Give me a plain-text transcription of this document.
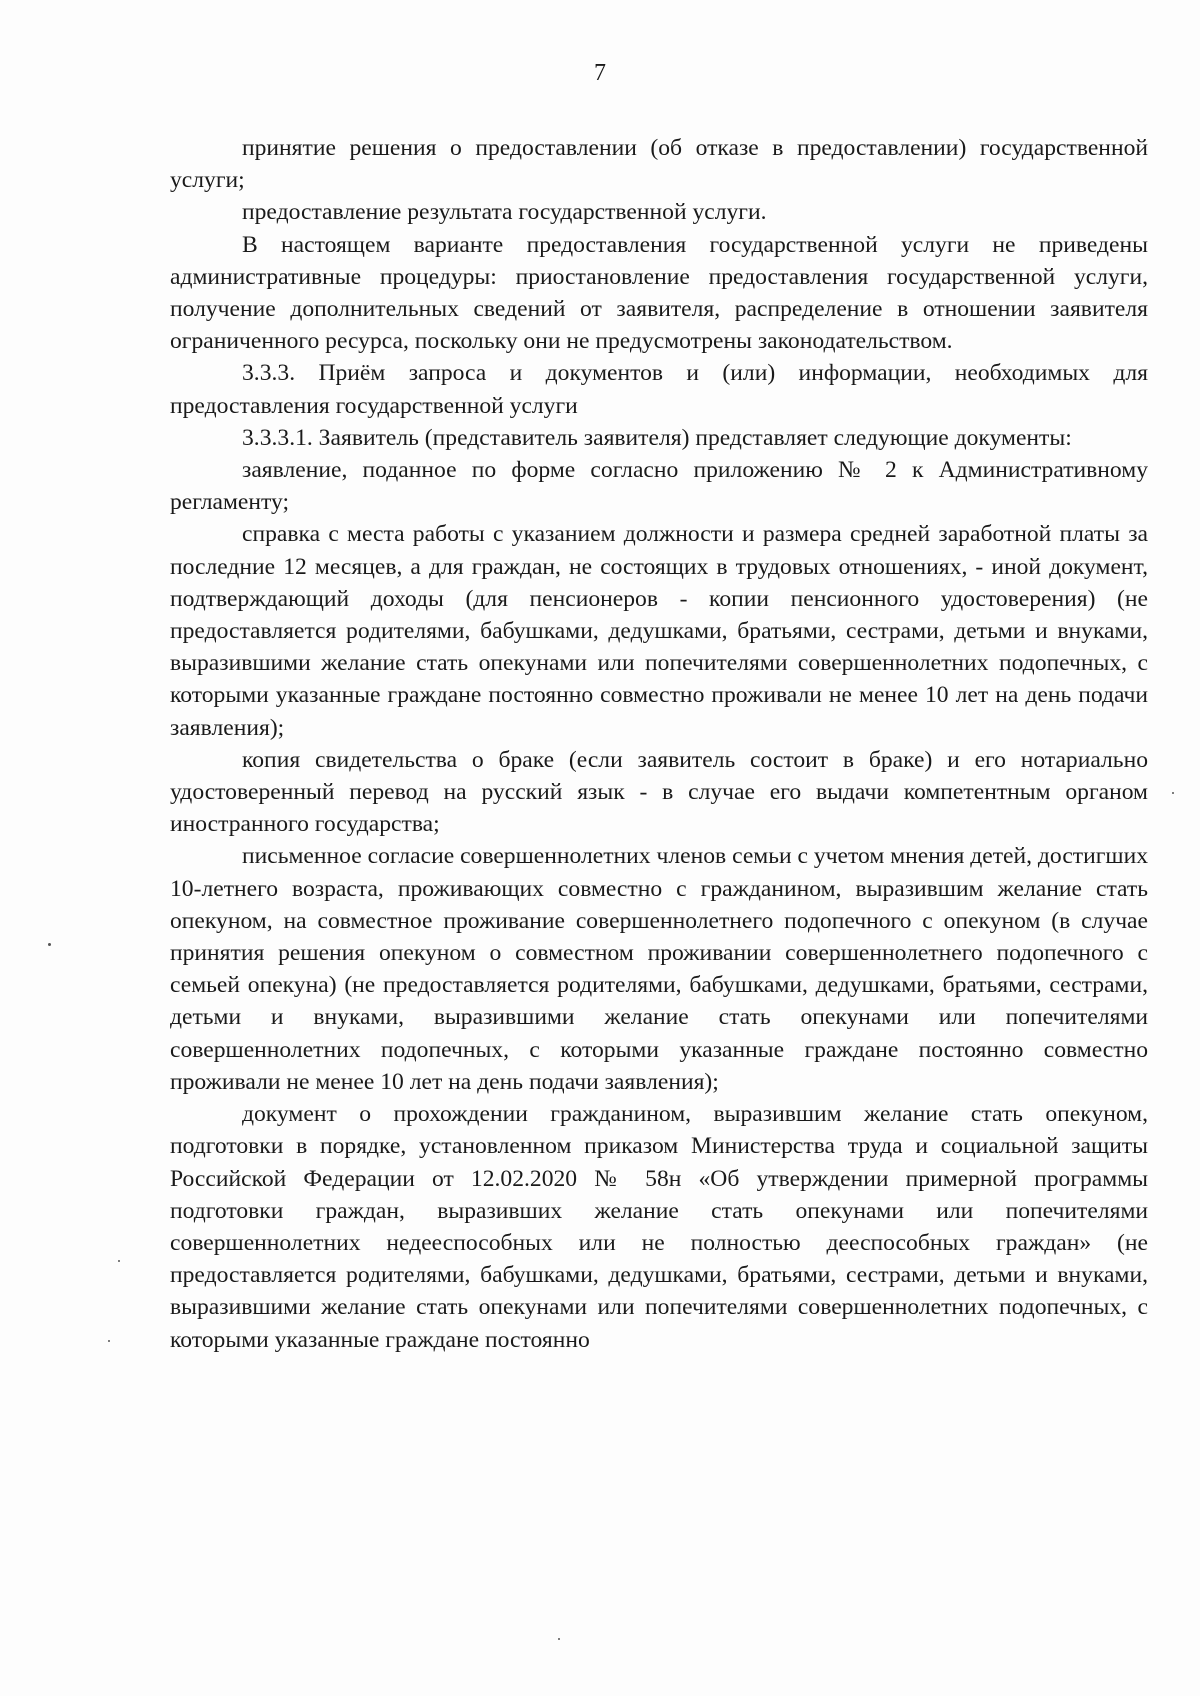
7

принятие решения о предоставлении (об отказе в предоставлении) государственной услуги;

предоставление результата государственной услуги.

В настоящем варианте предоставления государственной услуги не приведены административные процедуры: приостановление предоставления государственной услуги, получение дополнительных сведений от заявителя, распределение в отношении заявителя ограниченного ресурса, поскольку они не предусмотрены законодательством.

3.3.3. Приём запроса и документов и (или) информации, необходимых для предоставления государственной услуги

3.3.3.1. Заявитель (представитель заявителя) представляет следующие документы:

заявление, поданное по форме согласно приложению № 2 к Административному регламенту;

справка с места работы с указанием должности и размера средней заработной платы за последние 12 месяцев, а для граждан, не состоящих в трудовых отношениях, - иной документ, подтверждающий доходы (для пенсионеров - копии пенсионного удостоверения) (не предоставляется родителями, бабушками, дедушками, братьями, сестрами, детьми и внуками, выразившими желание стать опекунами или попечителями совершеннолетних подопечных, с которыми указанные граждане постоянно совместно проживали не менее 10 лет на день подачи заявления);

копия свидетельства о браке (если заявитель состоит в браке) и его нотариально удостоверенный перевод на русский язык - в случае его выдачи компетентным органом иностранного государства;

письменное согласие совершеннолетних членов семьи с учетом мнения детей, достигших 10-летнего возраста, проживающих совместно с гражданином, выразившим желание стать опекуном, на совместное проживание совершеннолетнего подопечного с опекуном (в случае принятия решения опекуном о совместном проживании совершеннолетнего подопечного с семьей опекуна) (не предоставляется родителями, бабушками, дедушками, братьями, сестрами, детьми и внуками, выразившими желание стать опекунами или попечителями совершеннолетних подопечных, с которыми указанные граждане постоянно совместно проживали не менее 10 лет на день подачи заявления);

документ о прохождении гражданином, выразившим желание стать опекуном, подготовки в порядке, установленном приказом Министерства труда и социальной защиты Российской Федерации от 12.02.2020 № 58н «Об утверждении примерной программы подготовки граждан, выразивших желание стать опекунами или попечителями совершеннолетних недееспособных или не полностью дееспособных граждан» (не предоставляется родителями, бабушками, дедушками, братьями, сестрами, детьми и внуками, выразившими желание стать опекунами или попечителями совершеннолетних подопечных, с которыми указанные граждане постоянно
